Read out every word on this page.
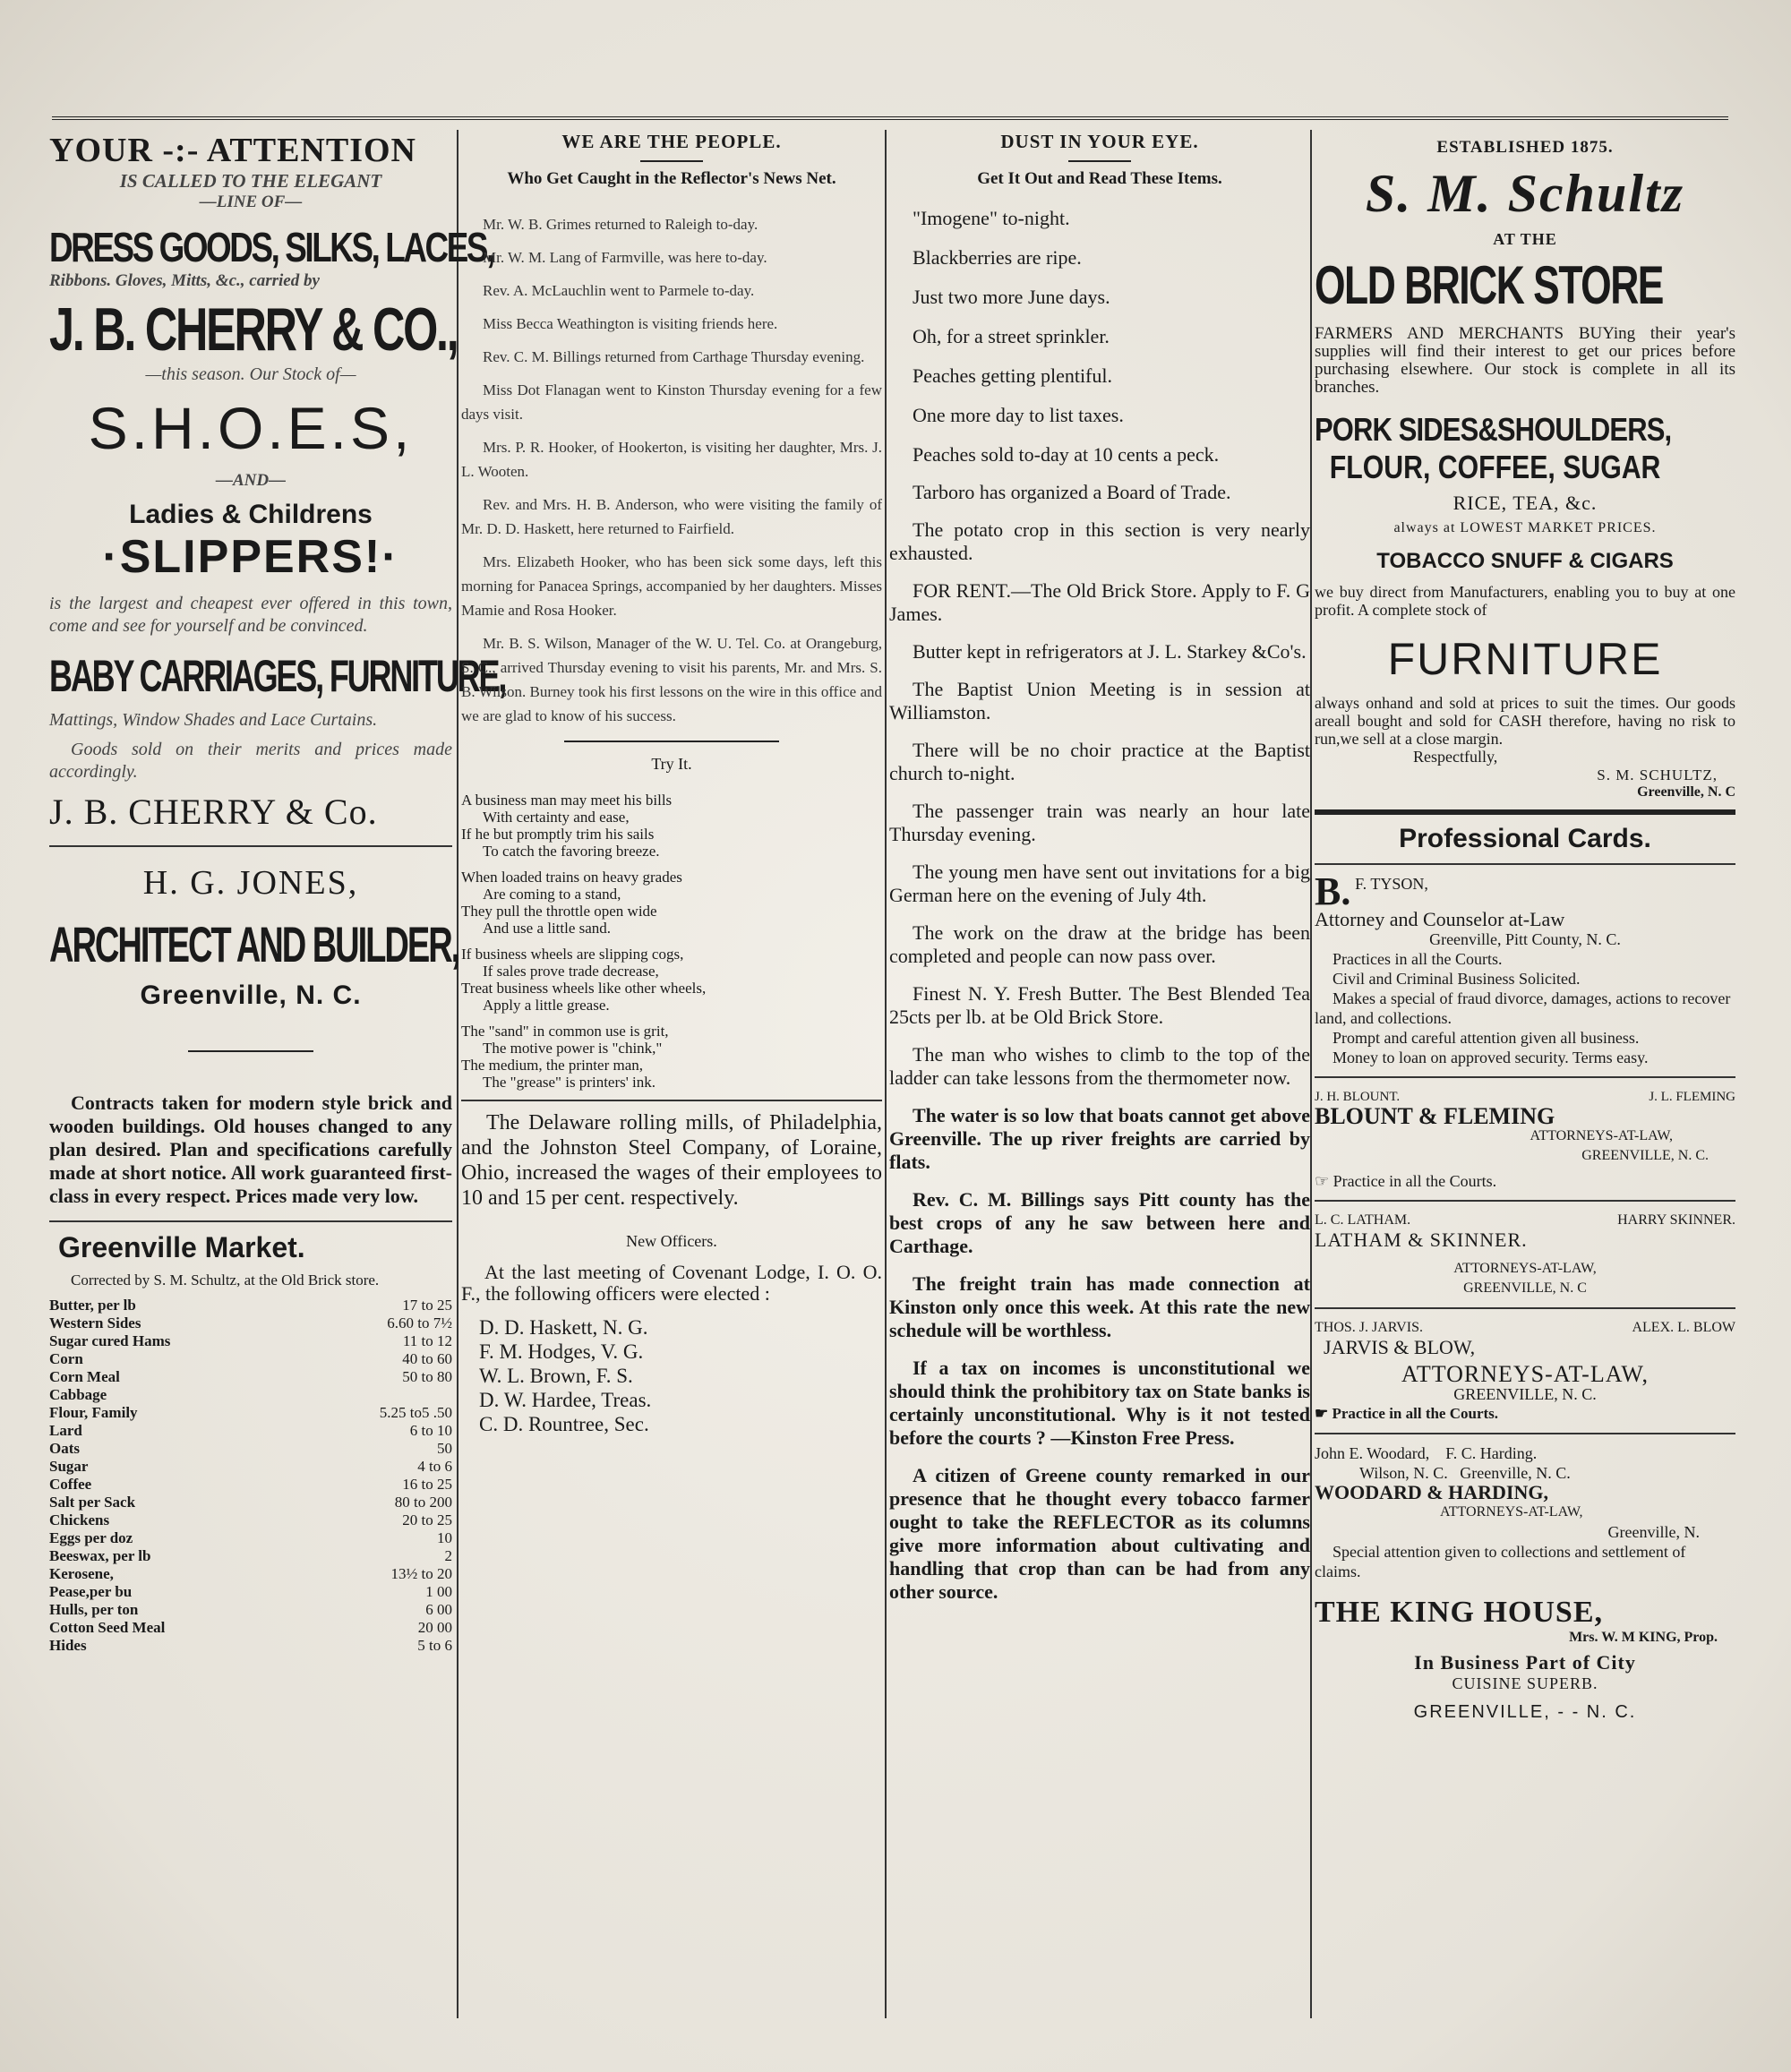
YOUR -:- ATTENTION
IS CALLED TO THE ELEGANT
—LINE OF—
DRESS GOODS, SILKS, LACES,
Ribbons. Gloves, Mitts, &c., carried by
J. B. CHERRY & CO.,
—this season. Our Stock of—
S.H.O.E.S,
—AND—
Ladies & Childrens
·SLIPPERS!·
is the largest and cheapest ever offered in this town, come and see for yourself and be convinced.
BABY CARRIAGES, FURNITURE,
Mattings, Window Shades and Lace Curtains.
Goods sold on their merits and prices made accordingly.
J. B. CHERRY & Co.
H. G. JONES,
ARCHITECT AND BUILDER,
Greenville, N. C.
Contracts taken for modern style brick and wooden buildings. Old houses changed to any plan desired. Plan and specifications carefully made at short notice. All work guaranteed first-class in every respect. Prices made very low.
Greenville Market.
Corrected by S. M. Schultz, at the Old Brick store.
Butter, per lb	17 to 25
Western Sides	6.60 to 7½
Sugar cured Hams	11 to 12
Corn	40 to 60
Corn Meal	50 to 80
Cabbage
Flour, Family	5.25 to5 .50
Lard	6 to 10
Oats	50
Sugar	4 to 6
Coffee	16 to 25
Salt per Sack	80 to 200
Chickens	20 to 25
Eggs per doz	10
Beeswax, per lb	2
Kerosene,	13½ to 20
Pease,per bu	1 00
Hulls, per ton	6 00
Cotton Seed Meal	20 00
Hides	5 to 6
WE ARE THE PEOPLE.
Who Get Caught in the Reflector's News Net.

Mr. W. B. Grimes returned to Raleigh to-day.

Mr. W. M. Lang of Farmville, was here to-day.

Rev. A. McLauchlin went to Parmele to-day.

Miss Becca Weathington is visiting friends here.

Rev. C. M. Billings returned from Carthage Thursday evening.

Miss Dot Flanagan went to Kinston Thursday evening for a few days visit.

Mrs. P. R. Hooker, of Hookerton, is visiting her daughter, Mrs. J. L. Wooten.

Rev. and Mrs. H. B. Anderson, who were visiting the family of Mr. D. D. Haskett, here returned to Fairfield.

Mrs. Elizabeth Hooker, who has been sick some days, left this morning for Panacea Springs, accompanied by her daughters. Misses Mamie and Rosa Hooker.

Mr. B. S. Wilson, Manager of the W. U. Tel. Co. at Orangeburg, S. C., arrived Thursday evening to visit his parents, Mr. and Mrs. S. B. Wilson. Burney took his first lessons on the wire in this office and we are glad to know of his success.

Try It.
A business man may meet his bills
With certainty and ease,
If he but promptly trim his sails
To catch the favoring breeze.
When loaded trains on heavy grades
Are coming to a stand,
They pull the throttle open wide
And use a little sand.
If business wheels are slipping cogs,
If sales prove trade decrease,
Treat business wheels like other wheels,
Apply a little grease.
The "sand" in common use is grit,
The motive power is "chink,"
The medium, the printer man,
The "grease" is printers' ink.
The Delaware rolling mills, of Philadelphia, and the Johnston Steel Company, of Loraine, Ohio, increased the wages of their employees to 10 and 15 per cent. respectively.
New Officers.
At the last meeting of Covenant Lodge, I. O. O. F., the following officers were elected :
D. D. Haskett, N. G.
F. M. Hodges, V. G.
W. L. Brown, F. S.
D. W. Hardee, Treas.
C. D. Rountree, Sec.
DUST IN YOUR EYE.
Get It Out and Read These Items.
"Imogene" to-night.
Blackberries are ripe.
Just two more June days.
Oh, for a street sprinkler.
Peaches getting plentiful.
One more day to list taxes.
Peaches sold to-day at 10 cents a peck.
Tarboro has organized a Board of Trade.
The potato crop in this section is very nearly exhausted.
FOR RENT.—The Old Brick Store. Apply to F. G James.
Butter kept in refrigerators at J. L. Starkey &Co's.
The Baptist Union Meeting is in session at Williamston.
There will be no choir practice at the Baptist church to-night.
The passenger train was nearly an hour late Thursday evening.
The young men have sent out invitations for a big German here on the evening of July 4th.
The work on the draw at the bridge has been completed and people can now pass over.
Finest N. Y. Fresh Butter. The Best Blended Tea 25cts per lb. at be Old Brick Store.
The man who wishes to climb to the top of the ladder can take lessons from the thermometer now.
The water is so low that boats cannot get above Greenville. The up river freights are carried by flats.
Rev. C. M. Billings says Pitt county has the best crops of any he saw between here and Carthage.
The freight train has made connection at Kinston only once this week. At this rate the new schedule will be worthless.
If a tax on incomes is unconstitutional we should think the prohibitory tax on State banks is certainly unconstitutional. Why is it not tested before the courts ? —Kinston Free Press.
A citizen of Greene county remarked in our presence that he thought every tobacco farmer ought to take the REFLECTOR as its columns give more information about cultivating and handling that crop than can be had from any other source.
ESTABLISHED 1875.
S. M. Schultz
AT THE
OLD BRICK STORE
FARMERS AND MERCHANTS BUYing their year's supplies will find their interest to get our prices before purchasing elsewhere. Our stock is complete in all its branches.
PORK SIDES&SHOULDERS,
FLOUR, COFFEE, SUGAR
RICE, TEA, &c.
always at LOWEST MARKET PRICES.
TOBACCO SNUFF & CIGARS
we buy direct from Manufacturers, enabling you to buy at one profit. A complete stock of
FURNITURE
always onhand and sold at prices to suit the times. Our goods areall bought and sold for CASH therefore, having no risk to run,we sell at a close margin.
Respectfully,
S. M. SCHULTZ,
Greenville, N. C
Professional Cards.
B. F. TYSON,
Attorney and Counselor at-Law
Greenville, Pitt County, N. C.
Practices in all the Courts.
Civil and Criminal Business Solicited.
Makes a special of fraud divorce, damages, actions to recover land, and collections.
Prompt and careful attention given all business.
Money to loan on approved security. Terms easy.
J. H. BLOUNT.	J. L. FLEMING
BLOUNT & FLEMING
ATTORNEYS-AT-LAW,
GREENVILLE, N. C.
☞ Practice in all the Courts.
L. C. LATHAM.	HARRY SKINNER.
LATHAM & SKINNER.
ATTORNEYS-AT-LAW,
GREENVILLE, N. C
THOS. J. JARVIS.	ALEX. L. BLOW
JARVIS & BLOW,
ATTORNEYS-AT-LAW,
GREENVILLE, N. C.
☛ Practice in all the Courts.
John E. Woodard,    F. C. Harding.
Wilson, N. C.   Greenville, N. C.
WOODARD & HARDING,
ATTORNEYS-AT-LAW,
Greenville, N.
Special attention given to collections and settlement of claims.
THE KING HOUSE,
Mrs. W. M KING, Prop.
In Business Part of City
CUISINE SUPERB.
GREENVILLE, - - N. C.
